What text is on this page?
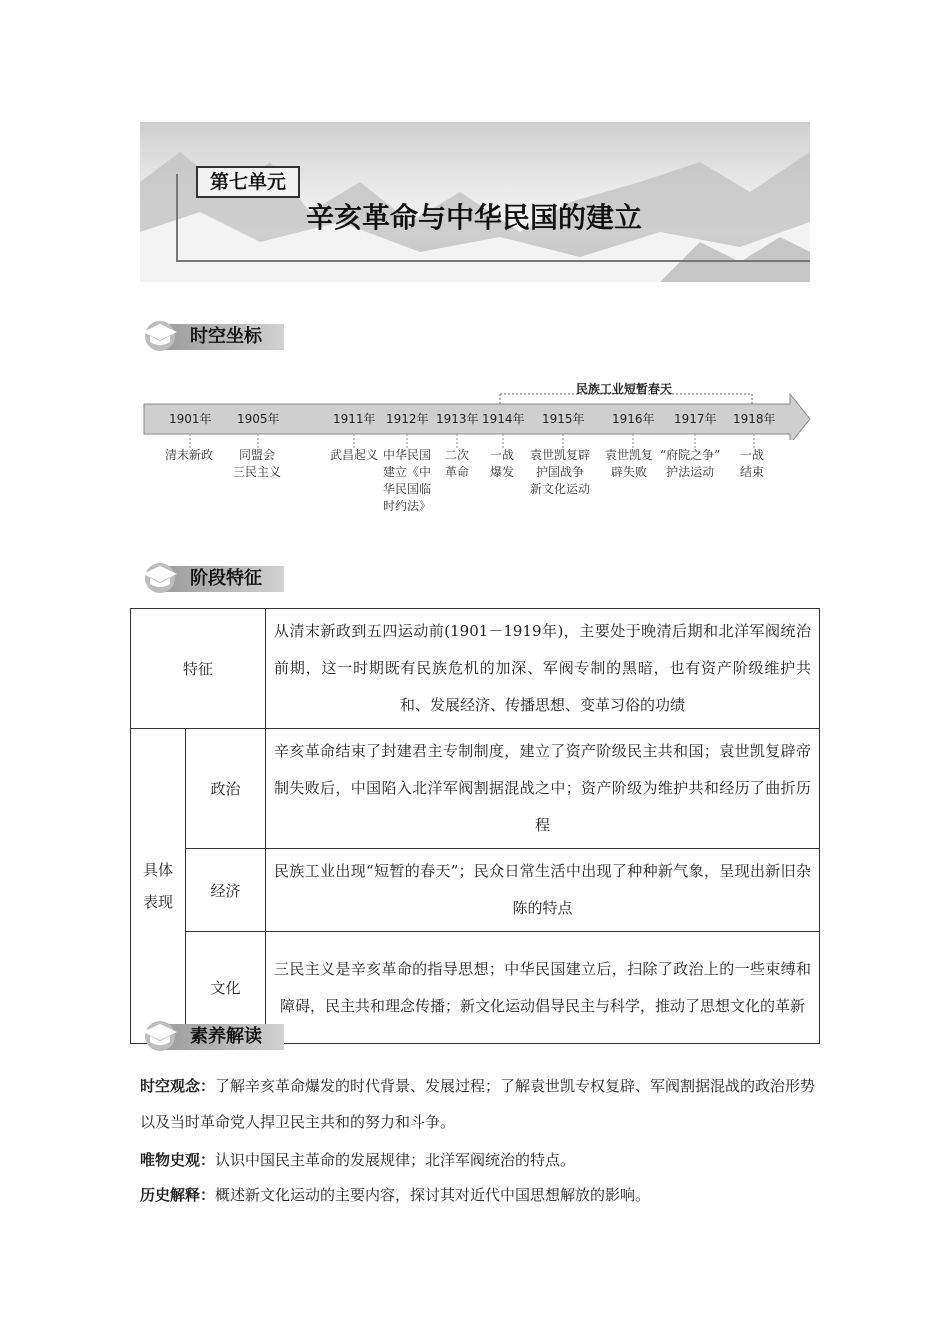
第七单元
辛亥革命与中华民国的建立
时空坐标
民族工业短暂春天
1901年 1905年	1911年 1912年 1913年 1914年 1915年 1916年 1917年 1918年
清末新政	同盟会
三民主义
武昌起义 中华民国
建立《中
华民国临
时约法》
二次
革命
一战
爆发
袁世凯复辟
护国战争
新文化运动
袁世凯复
辟失败
“府院之争”
护法运动
一战
结束
阶段特征
特征		从清末新政到五四运动前(1901－1919年)，主要处于晚清后期和北洋军阀统治前期，这一时期既有民族危机的加深、军阀专制的黑暗，也有资产阶级维护共和、发展经济、传播思想、变革习俗的功绩

具体
表现	政治	辛亥革命结束了封建君主专制制度，建立了资产阶级民主共和国；袁世凯复辟帝制失败后，中国陷入北洋军阀割据混战之中；资产阶级为维护共和经历了曲折历程
	经济	民族工业出现“短暂的春天”；民众日常生活中出现了种种新气象，呈现出新旧杂陈的特点
	文化	三民主义是辛亥革命的指导思想；中华民国建立后，扫除了政治上的一些束缚和障碍，民主共和理念传播；新文化运动倡导民主与科学，推动了思想文化的革新
素养解读
时空观念：了解辛亥革命爆发的时代背景、发展过程；了解袁世凯专权复辟、军阀割据混战的政治形势以及当时革命党人捍卫民主共和的努力和斗争。
唯物史观：认识中国民主革命的发展规律；北洋军阀统治的特点。
历史解释：概述新文化运动的主要内容，探讨其对近代中国思想解放的影响。
